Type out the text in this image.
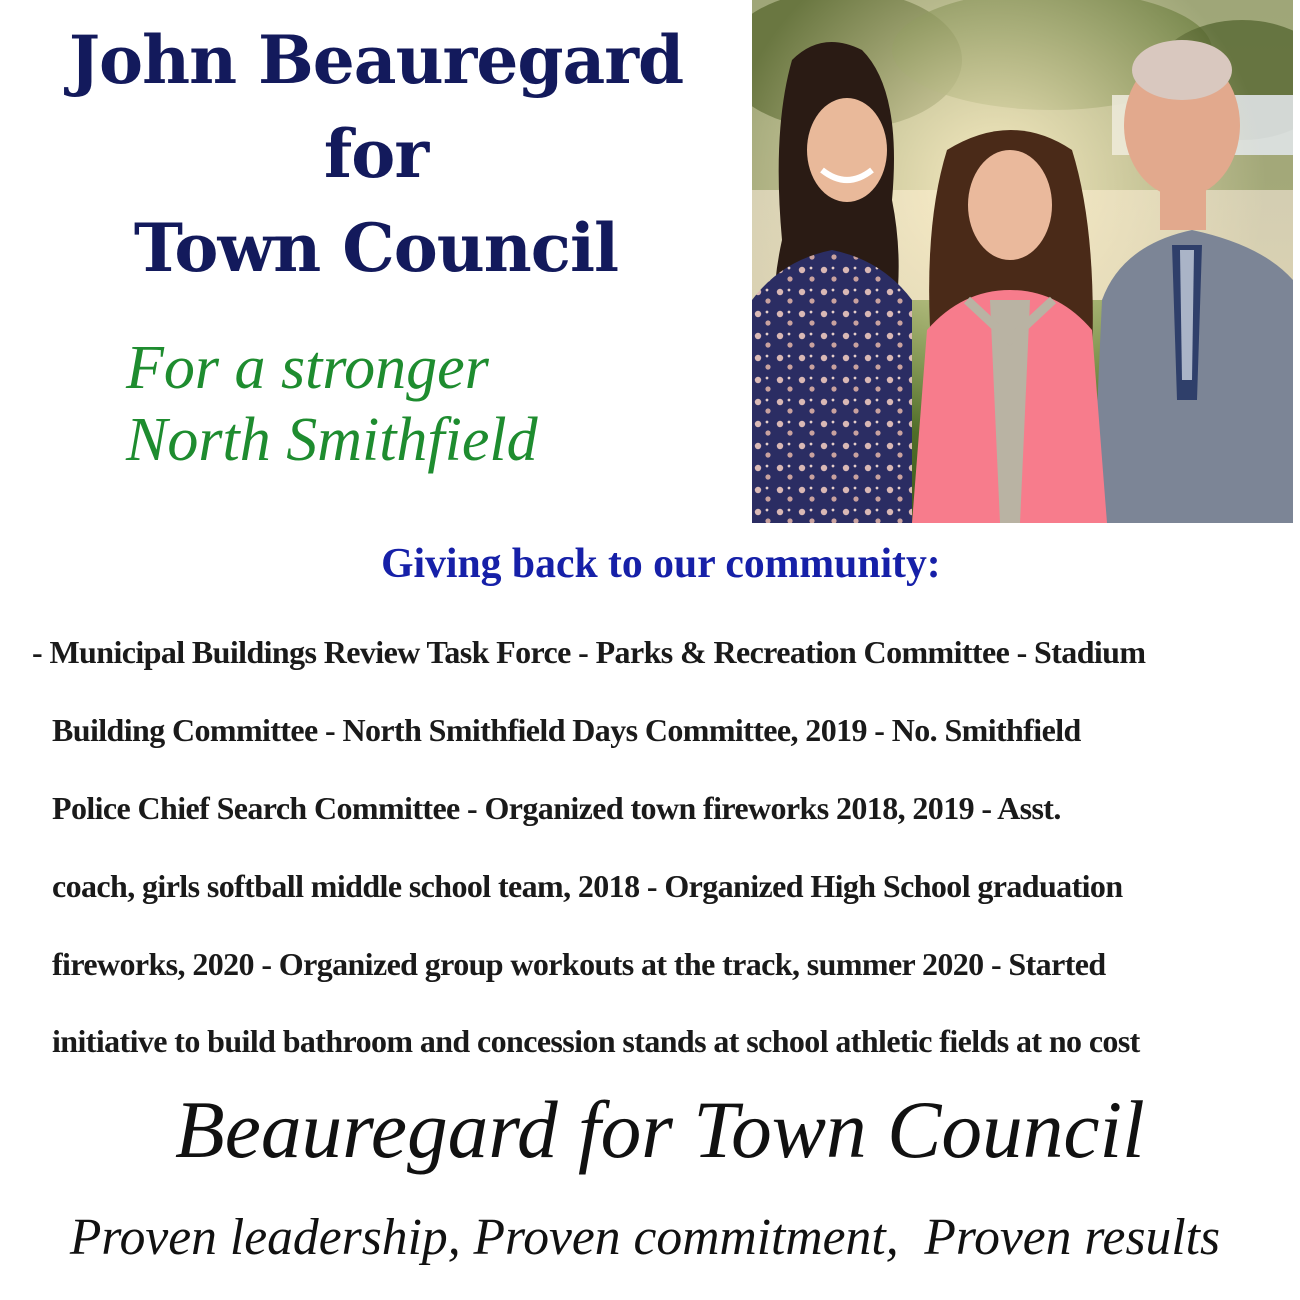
John Beauregard
for
Town Council
For a stronger
North Smithfield
Giving back to our community:
- Municipal Buildings Review Task Force - Parks & Recreation Committee - Stadium
Building Committee - North Smithfield Days Committee, 2019 - No. Smithfield
Police Chief Search Committee - Organized town fireworks 2018, 2019 - Asst.
coach, girls softball middle school team, 2018 - Organized High School graduation
fireworks, 2020 - Organized group workouts at the track, summer 2020 - Started
initiative to build bathroom and concession stands at school athletic fields at no cost
Beauregard for Town Council
Proven leadership, Proven commitment,  Proven results
